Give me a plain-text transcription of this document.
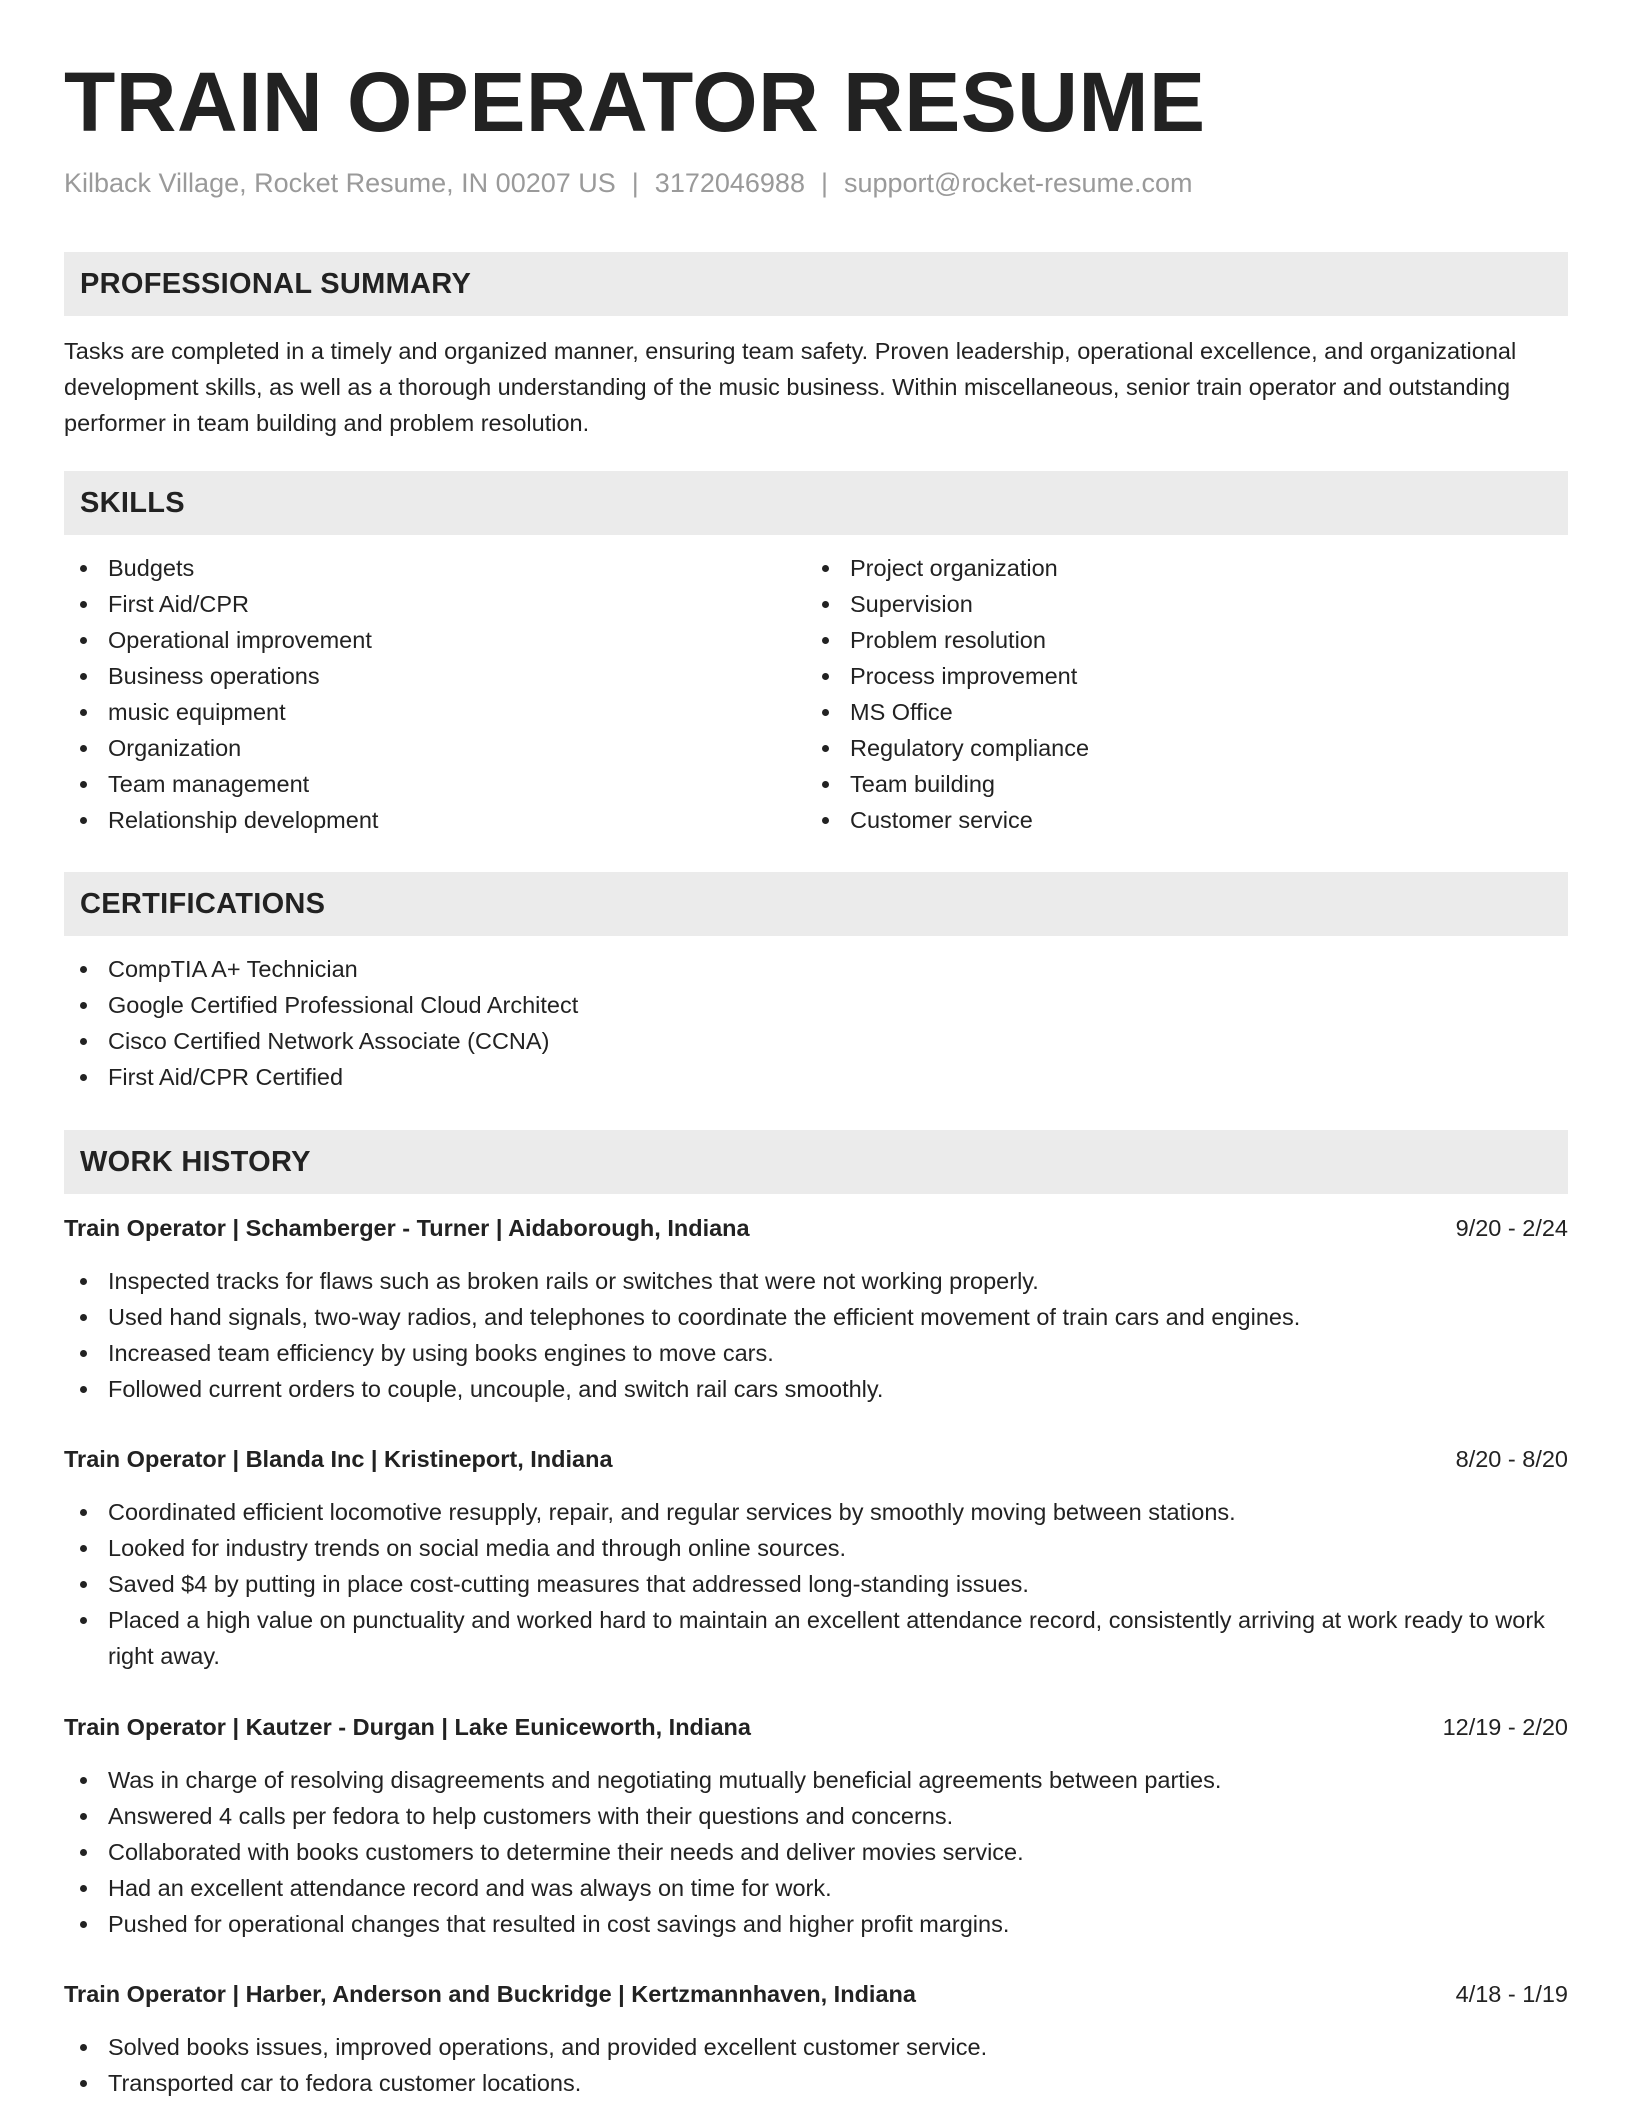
TRAIN OPERATOR RESUME
Kilback Village, Rocket Resume, IN 00207 US | 3172046988 | support@rocket-resume.com
PROFESSIONAL SUMMARY

Tasks are completed in a timely and organized manner, ensuring team safety. Proven leadership, operational excellence, and organizational development skills, as well as a thorough understanding of the music business. Within miscellaneous, senior train operator and outstanding performer in team building and problem resolution.

SKILLS
Budgets
First Aid/CPR
Operational improvement
Business operations
music equipment
Organization
Team management
Relationship development
Project organization
Supervision
Problem resolution
Process improvement
MS Office
Regulatory compliance
Team building
Customer service
CERTIFICATIONS
CompTIA A+ Technician
Google Certified Professional Cloud Architect
Cisco Certified Network Associate (CCNA)
First Aid/CPR Certified
WORK HISTORY
Train Operator | Schamberger - Turner | Aidaborough, Indiana	9/20 - 2/24
Inspected tracks for flaws such as broken rails or switches that were not working properly.
Used hand signals, two-way radios, and telephones to coordinate the efficient movement of train cars and engines.
Increased team efficiency by using books engines to move cars.
Followed current orders to couple, uncouple, and switch rail cars smoothly.
Train Operator | Blanda Inc | Kristineport, Indiana	8/20 - 8/20
Coordinated efficient locomotive resupply, repair, and regular services by smoothly moving between stations.
Looked for industry trends on social media and through online sources.
Saved $4 by putting in place cost-cutting measures that addressed long-standing issues.
Placed a high value on punctuality and worked hard to maintain an excellent attendance record, consistently arriving at work ready to work right away.
Train Operator | Kautzer - Durgan | Lake Euniceworth, Indiana	12/19 - 2/20
Was in charge of resolving disagreements and negotiating mutually beneficial agreements between parties.
Answered 4 calls per fedora to help customers with their questions and concerns.
Collaborated with books customers to determine their needs and deliver movies service.
Had an excellent attendance record and was always on time for work.
Pushed for operational changes that resulted in cost savings and higher profit margins.
Train Operator | Harber, Anderson and Buckridge | Kertzmannhaven, Indiana	4/18 - 1/19
Solved books issues, improved operations, and provided excellent customer service.
Transported car to fedora customer locations.
